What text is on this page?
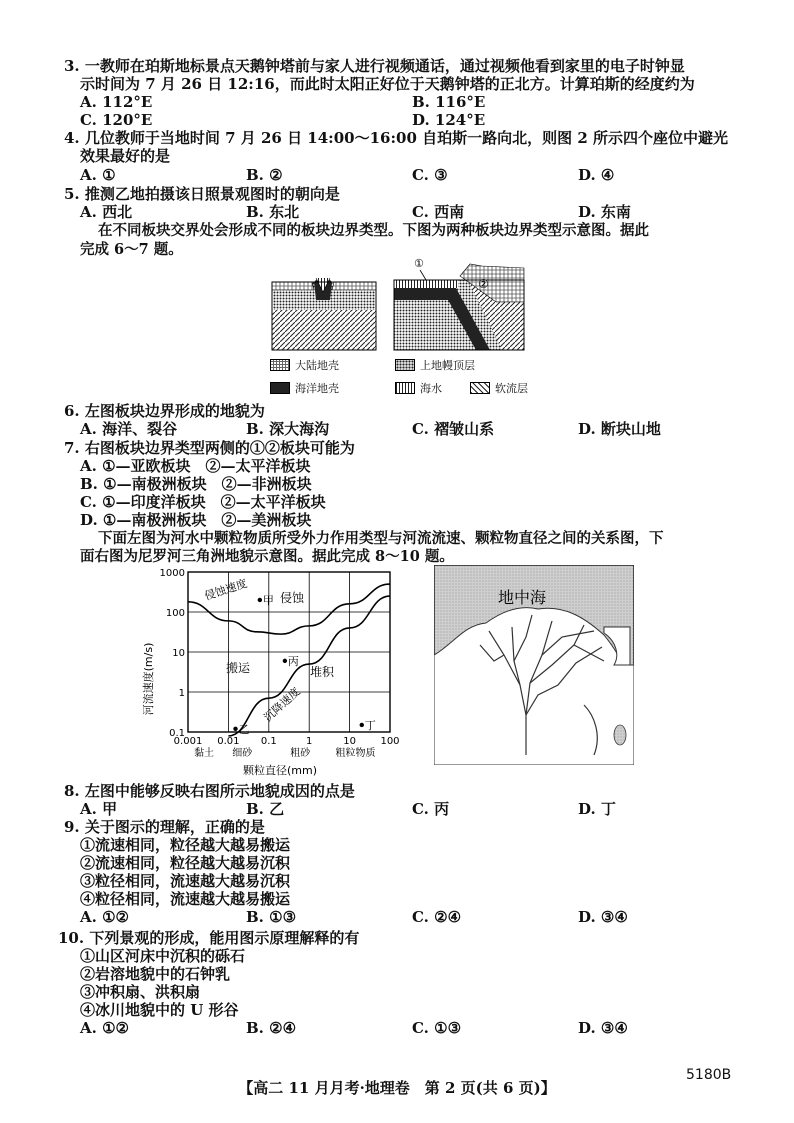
3. 一教师在珀斯地标景点天鹅钟塔前与家人进行视频通话，通过视频他看到家里的电子时钟显
示时间为 7 月 26 日 12:16，而此时太阳正好位于天鹅钟塔的正北方。计算珀斯的经度约为
A. 112°E	B. 116°E
C. 120°E	D. 124°E
4. 几位教师于当地时间 7 月 26 日 14:00～16:00 自珀斯一路向北，则图 2 所示四个座位中避光
效果最好的是
A. ①	B. ②	C. ③	D. ④
5. 推测乙地拍摄该日照景观图时的朝向是
A. 西北	B. 东北	C. 西南	D. 东南
在不同板块交界处会形成不同的板块边界类型。下图为两种板块边界类型示意图。据此
完成 6～7 题。
①
②
大陆地壳	上地幔顶层
海洋地壳	海水	软流层
6. 左图板块边界形成的地貌为
A. 海洋、裂谷	B. 深大海沟	C. 褶皱山系	D. 断块山地
7. 右图板块边界类型两侧的①②板块可能为
A. ①—亚欧板块　②—太平洋板块
B. ①—南极洲板块　②—非洲板块
C. ①—印度洋板块　②—太平洋板块
D. ①—南极洲板块　②—美洲板块
下面左图为河水中颗粒物质所受外力作用类型与河流流速、颗粒物直径之间的关系图，下
面右图为尼罗河三角洲地貌示意图。据此完成 8～10 题。
0.001 0.01 0.1	1	10 100
0.1
1
10
100
1000
黏土 细砂	粗砂	粗粒物质
甲
乙
丙
丁
侵蚀速度
沉降速度
侵蚀
搬运	堆积
河流速度(m/s)
颗粒直径(mm)
地中海
8. 左图中能够反映右图所示地貌成因的点是
A. 甲	B. 乙	C. 丙	D. 丁
9. 关于图示的理解，正确的是
①流速相同，粒径越大越易搬运
②流速相同，粒径越大越易沉积
③粒径相同，流速越大越易沉积
④粒径相同，流速越大越易搬运
A. ①②	B. ①③	C. ②④	D. ③④
10. 下列景观的形成，能用图示原理解释的有
①山区河床中沉积的砾石
②岩溶地貌中的石钟乳
③冲积扇、洪积扇
④冰川地貌中的 U 形谷
A. ①②	B. ②④	C. ①③	D. ③④
5180B
【高二 11 月月考·地理卷　第 2 页(共 6 页)】
